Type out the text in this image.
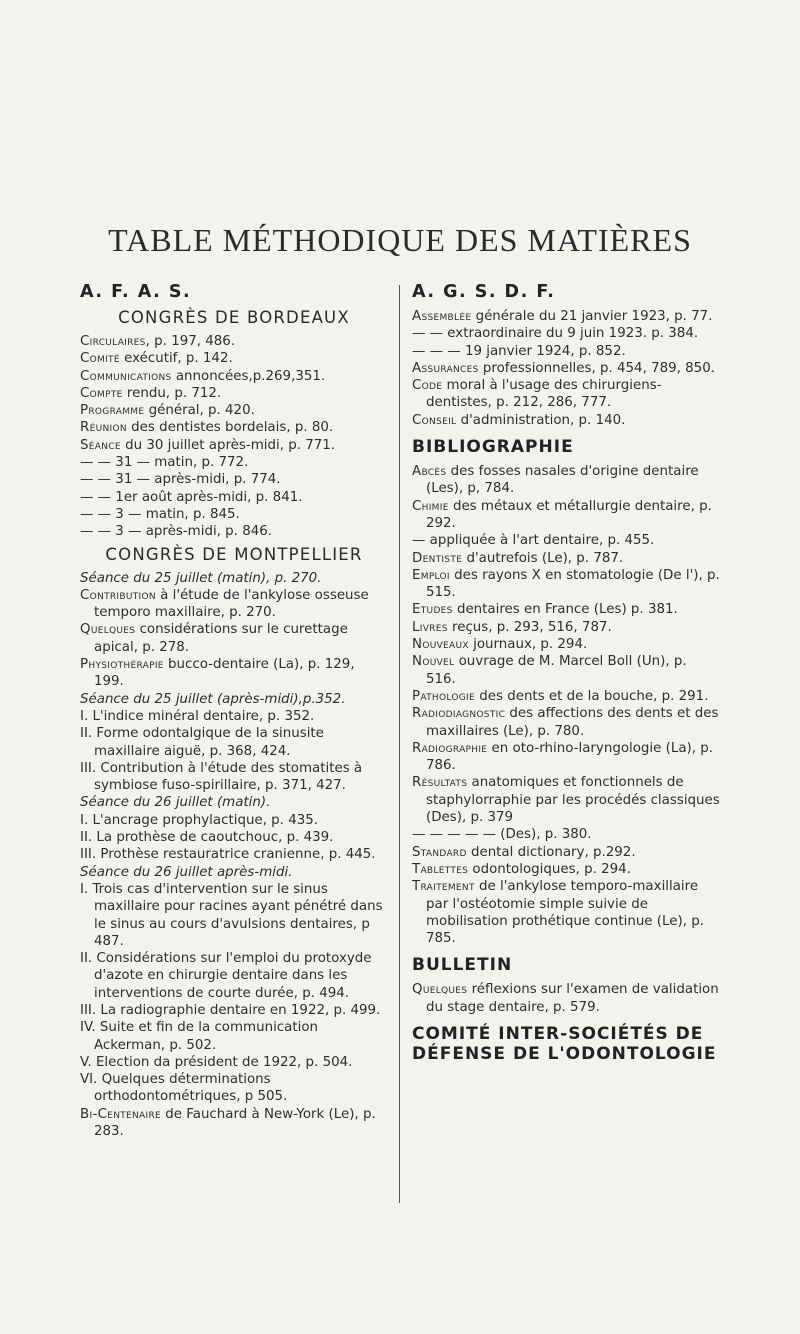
TABLE MÉTHODIQUE DES MATIÈRES
A. F. A. S.
CONGRÈS DE BORDEAUX
Circulaires, p. 197, 486.
Comité exécutif, p. 142.
Communications annoncées,p.269,351.
Compte rendu, p. 712.
Programme général, p. 420.
Réunion des dentistes bordelais, p. 80.
Séance du 30 juillet après-midi, p. 771.
— — 31 — matin, p. 772.
— — 31 — après-midi, p. 774.
— — 1er août après-midi, p. 841.
— — 3 — matin, p. 845.
— — 3 — après-midi, p. 846.
CONGRÈS DE MONTPELLIER
Séance du 25 juillet (matin), p. 270.
Contribution à l'étude de l'ankylose osseuse temporo maxillaire, p. 270.
Quelques considérations sur le curettage apical, p. 278.
Physiothérapie bucco-dentaire (La), p. 129, 199.
Séance du 25 juillet (après-midi),p.352.
I. L'indice minéral dentaire, p. 352.
II. Forme odontalgique de la sinusite maxillaire aiguë, p. 368, 424.
III. Contribution à l'étude des stomatites à symbiose fuso-spirillaire, p. 371, 427.
Séance du 26 juillet (matin).
I. L'ancrage prophylactique, p. 435.
II. La prothèse de caoutchouc, p. 439.
III. Prothèse restauratrice cranienne, p. 445.
Séance du 26 juillet après-midi.
I. Trois cas d'intervention sur le sinus maxillaire pour racines ayant pénétré dans le sinus au cours d'avulsions dentaires, p 487.
II. Considérations sur l'emploi du protoxyde d'azote en chirurgie dentaire dans les interventions de courte durée, p. 494.
III. La radiographie dentaire en 1922, p. 499.
IV. Suite et fin de la communication Ackerman, p. 502.
V. Election da président de 1922, p. 504.
VI. Quelques déterminations orthodontométriques, p 505.
Bi-Centenaire de Fauchard à New-York (Le), p. 283.
A. G. S. D. F.
Assemblée générale du 21 janvier 1923, p. 77.
— — extraordinaire du 9 juin 1923. p. 384.
— — — 19 janvier 1924, p. 852.
Assurances professionnelles, p. 454, 789, 850.
Code moral à l'usage des chirurgiens-dentistes, p. 212, 286, 777.
Conseil d'administration, p. 140.
BIBLIOGRAPHIE
Abcès des fosses nasales d'origine dentaire (Les), p, 784.
Chimie des métaux et métallurgie dentaire, p. 292.
— appliquée à l'art dentaire, p. 455.
Dentiste d'autrefois (Le), p. 787.
Emploi des rayons X en stomatologie (De l'), p. 515.
Etudes dentaires en France (Les) p. 381.
Livres reçus, p. 293, 516, 787.
Nouveaux journaux, p. 294.
Nouvel ouvrage de M. Marcel Boll (Un), p. 516.
Pathologie des dents et de la bouche, p. 291.
Radiodiagnostic des affections des dents et des maxillaires (Le), p. 780.
Radiographie en oto-rhino-laryngologie (La), p. 786.
Résultats anatomiques et fonctionnels de staphylorraphie par les procédés classiques (Des), p. 379
— — — — — (Des), p. 380.
Standard dental dictionary, p.292.
Tablettes odontologiques, p. 294.
Traitement de l'ankylose temporo-maxillaire par l'ostéotomie simple suivie de mobilisation prothétique continue (Le), p. 785.
BULLETIN
Quelques réflexions sur l'examen de validation du stage dentaire, p. 579.
COMITÉ INTER-SOCIÉTÉS DE DÉFENSE DE L'ODONTOLOGIE
